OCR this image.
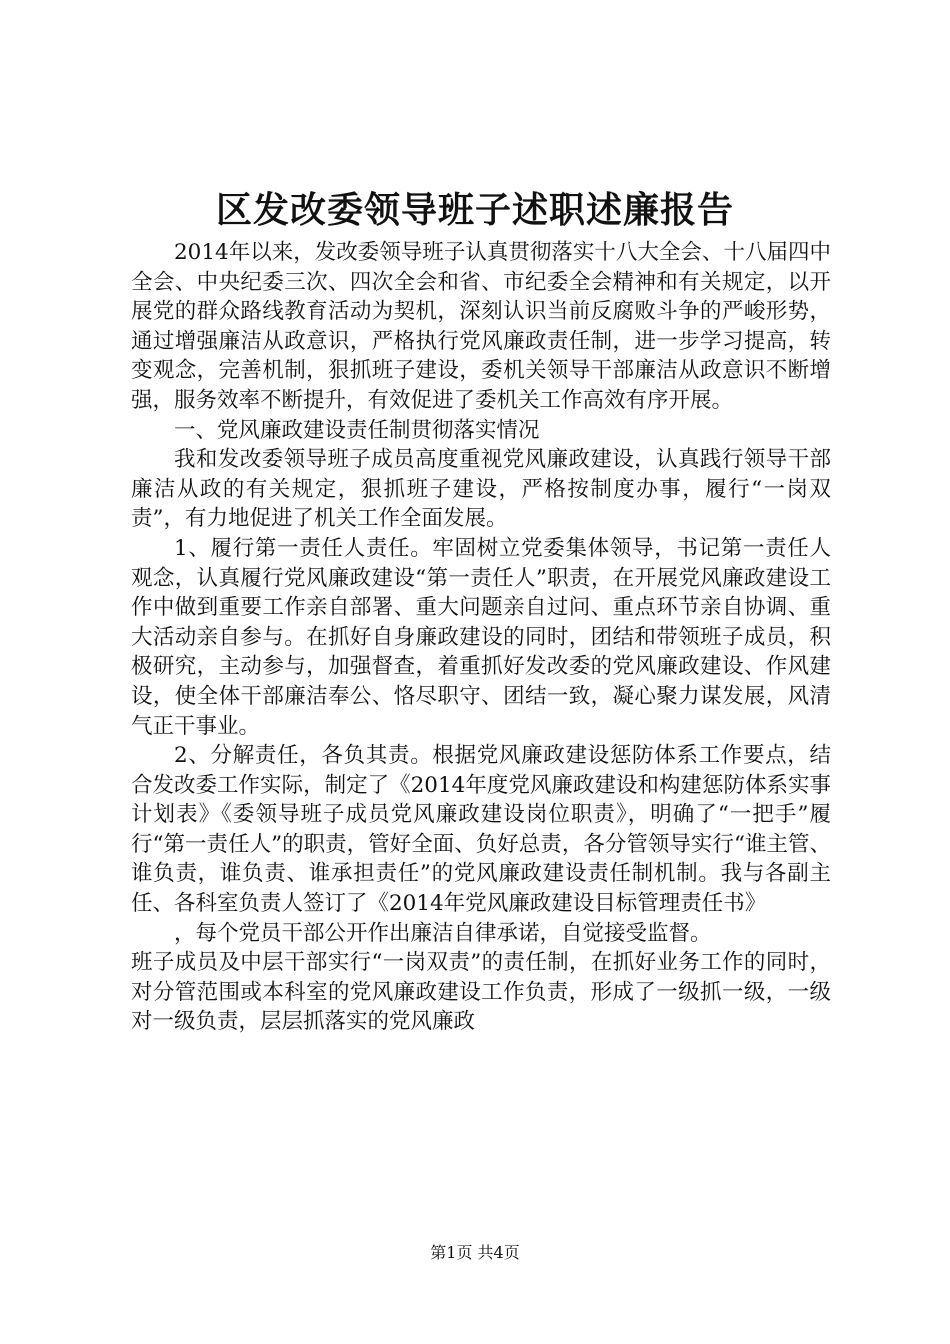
区发改委领导班子述职述廉报告

2014年以来，发改委领导班子认真贯彻落实十八大全会、十八届四中全会、中央纪委三次、四次全会和省、市纪委全会精神和有关规定，以开展党的群众路线教育活动为契机，深刻认识当前反腐败斗争的严峻形势，通过增强廉洁从政意识，严格执行党风廉政责任制，进一步学习提高，转变观念，完善机制，狠抓班子建设，委机关领导干部廉洁从政意识不断增强，服务效率不断提升，有效促进了委机关工作高效有序开展。

一、党风廉政建设责任制贯彻落实情况

我和发改委领导班子成员高度重视党风廉政建设，认真践行领导干部廉洁从政的有关规定，狠抓班子建设，严格按制度办事，履行“一岗双责”，有力地促进了机关工作全面发展。

1、履行第一责任人责任。牢固树立党委集体领导，书记第一责任人观念，认真履行党风廉政建设“第一责任人”职责，在开展党风廉政建设工作中做到重要工作亲自部署、重大问题亲自过问、重点环节亲自协调、重大活动亲自参与。在抓好自身廉政建设的同时，团结和带领班子成员，积极研究，主动参与，加强督查，着重抓好发改委的党风廉政建设、作风建设，使全体干部廉洁奉公、恪尽职守、团结一致，凝心聚力谋发展，风清气正干事业。

2、分解责任，各负其责。根据党风廉政建设惩防体系工作要点，结合发改委工作实际，制定了《2014年度党风廉政建设和构建惩防体系实事计划表》《委领导班子成员党风廉政建设岗位职责》，明确了“一把手”履行“第一责任人”的职责，管好全面、负好总责，各分管领导实行“谁主管、谁负责，谁负责、谁承担责任”的党风廉政建设责任制机制。我与各副主任、各科室负责人签订了《2014年党风廉政建设目标管理责任书》

，每个党员干部公开作出廉洁自律承诺，自觉接受监督。

班子成员及中层干部实行“一岗双责”的责任制，在抓好业务工作的同时，对分管范围或本科室的党风廉政建设工作负责，形成了一级抓一级，一级对一级负责，层层抓落实的党风廉政

第1页 共4页
